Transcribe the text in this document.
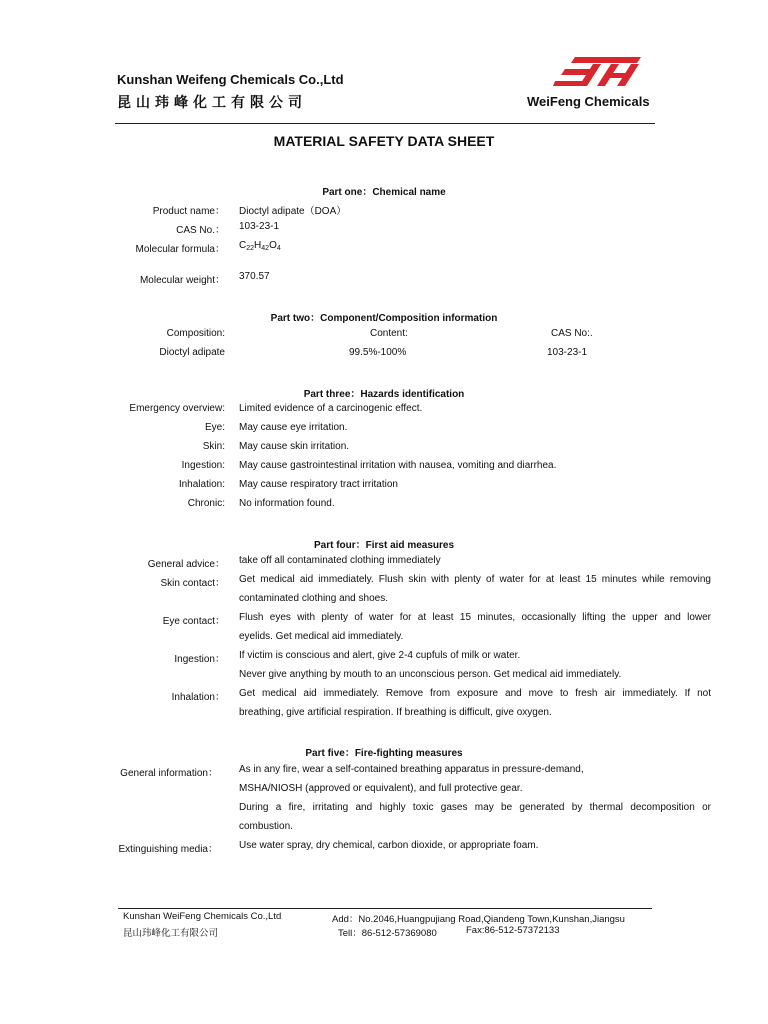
Kunshan Weifeng Chemicals Co.,Ltd
昆山玮峰化工有限公司	WeiFeng Chemicals
MATERIAL SAFETY DATA SHEET
Part one：Chemical name
Product name： Dioctyl adipate（DOA）
CAS No.： 103-23-1
Molecular formula： $C_{22}H_{42}O_4$
Molecular weight： 370.57
Part two：Component/Composition information
Composition:	Content:	CAS No:.
Dioctyl adipate	99.5%-100%	103-23-1
Part three：Hazards identification
Emergency overview: Limited evidence of a carcinogenic effect.
Eye: May cause eye irritation.
Skin: May cause skin irritation.
Ingestion: May cause gastrointestinal irritation with nausea, vomiting and diarrhea.
Inhalation: May cause respiratory tract irritation
Chronic: No information found.
Part four：First aid measures
General advice： take off all contaminated clothing immediately
Skin contact： Get medical aid immediately. Flush skin with plenty of water for at least 15 minutes while removing
contaminated clothing and shoes.
Eye contact： Flush eyes with plenty of water for at least 15 minutes, occasionally lifting the upper and lower
eyelids. Get medical aid immediately.
Ingestion： If victim is conscious and alert, give 2-4 cupfuls of milk or water.
Never give anything by mouth to an unconscious person. Get medical aid immediately.
Inhalation： Get medical aid immediately. Remove from exposure and move to fresh air immediately. If not
breathing, give artificial respiration. If breathing is difficult, give oxygen.
Part five：Fire-fighting measures
General information： As in any fire, wear a self-contained breathing apparatus in pressure-demand,
MSHA/NIOSH (approved or equivalent), and full protective gear.
During a fire, irritating and highly toxic gases may be generated by thermal decomposition or
combustion.
Extinguishing media： Use water spray, dry chemical, carbon dioxide, or appropriate foam.
Kunshan WeiFeng Chemicals Co.,Ltd
昆山玮峰化工有限公司
Add：No.2046,Huangpujiang Road,Qiandeng Town,Kunshan,Jiangsu
Tell：86-512-57369080	Fax:86-512-57372133
